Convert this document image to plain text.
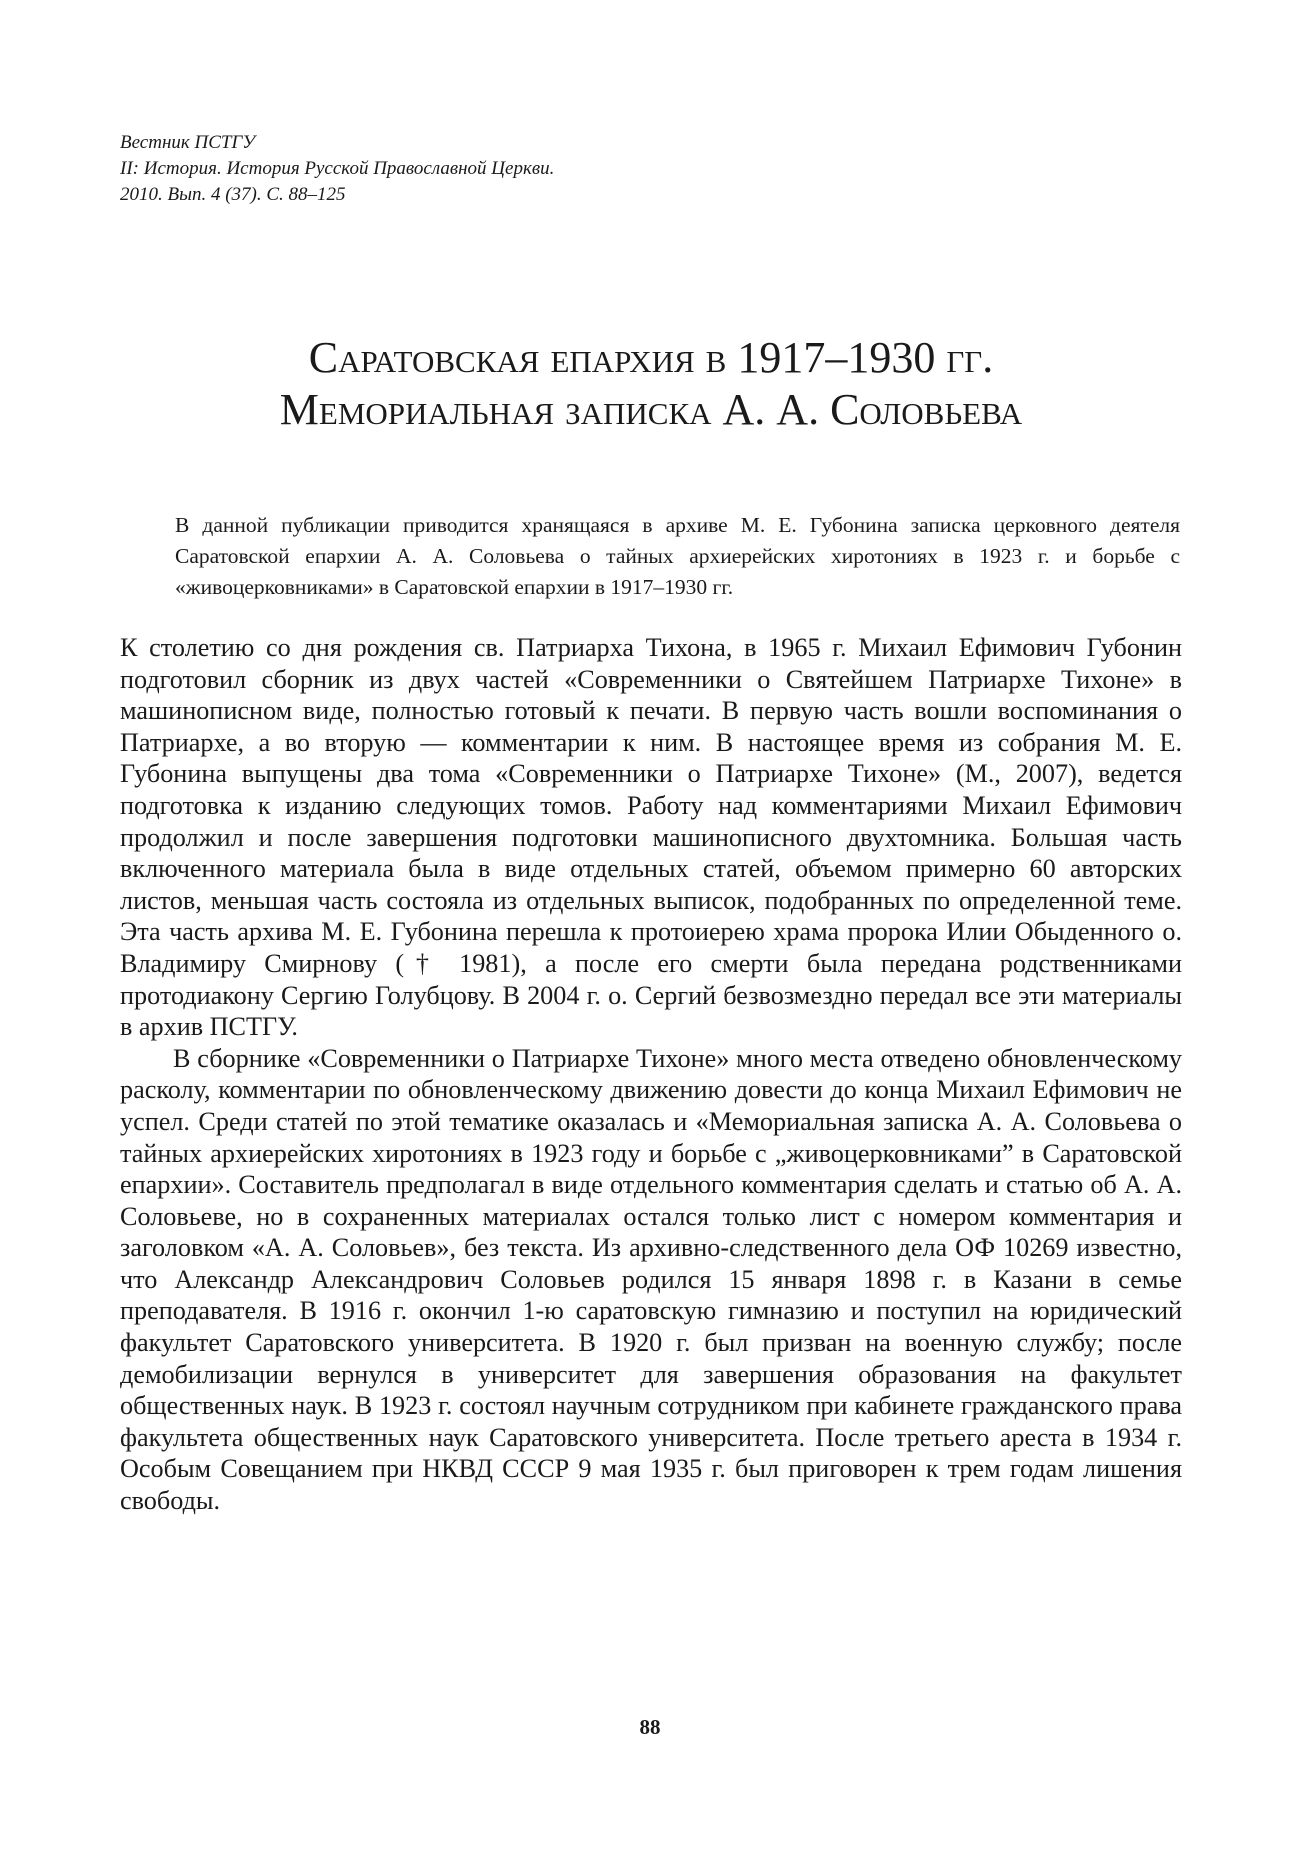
Вестник ПСТГУ
II: История. История Русской Православной Церкви.
2010. Вып. 4 (37). С. 88–125
Саратовская епархия в 1917–1930 гг.
Мемориальная записка А. А. Соловьева
В данной публикации приводится хранящаяся в архиве М. Е. Губонина записка церковного деятеля Саратовской епархии А. А. Соловьева о тайных архиерейских хиротониях в 1923 г. и борьбе с «живоцерковниками» в Саратовской епархии в 1917–1930 гг.

К столетию со дня рождения св. Патриарха Тихона, в 1965 г. Михаил Ефимович Губонин подготовил сборник из двух частей «Современники о Святейшем Патриархе Тихоне» в машинописном виде, полностью готовый к печати. В первую часть вошли воспоминания о Патриархе, а во вторую — комментарии к ним. В настоящее время из собрания М. Е. Губонина выпущены два тома «Современники о Патриархе Тихоне» (М., 2007), ведется подготовка к изданию следующих томов. Работу над комментариями Михаил Ефимович продолжил и после завершения подготовки машинописного двухтомника. Большая часть включенного материала была в виде отдельных статей, объемом примерно 60 авторских листов, меньшая часть состояла из отдельных выписок, подобранных по определенной теме. Эта часть архива М. Е. Губонина перешла к протоиерею храма пророка Илии Обыденного о. Владимиру Смирнову († 1981), а после его смерти была передана родственниками протодиакону Сергию Голубцову. В 2004 г. о. Сергий безвозмездно передал все эти материалы в архив ПСТГУ.

В сборнике «Современники о Патриархе Тихоне» много места отведено обновленческому расколу, комментарии по обновленческому движению довести до конца Михаил Ефимович не успел. Среди статей по этой тематике оказалась и «Мемориальная записка А. А. Соловьева о тайных архиерейских хиротониях в 1923 году и борьбе с „живоцерковниками” в Саратовской епархии». Составитель предполагал в виде отдельного комментария сделать и статью об А. А. Соловьеве, но в сохраненных материалах остался только лист с номером комментария и заголовком «А. А. Соловьев», без текста. Из архивно-следственного дела ОФ 10269 известно, что Александр Александрович Соловьев родился 15 января 1898 г. в Казани в семье преподавателя. В 1916 г. окончил 1-ю саратовскую гимназию и поступил на юридический факультет Саратовского университета. В 1920 г. был призван на военную службу; после демобилизации вернулся в университет для завершения образования на факультет общественных наук. В 1923 г. состоял научным сотрудником при кабинете гражданского права факультета общественных наук Саратовского университета. После третьего ареста в 1934 г. Особым Совещанием при НКВД СССР 9 мая 1935 г. был приговорен к трем годам лишения свободы.

88
